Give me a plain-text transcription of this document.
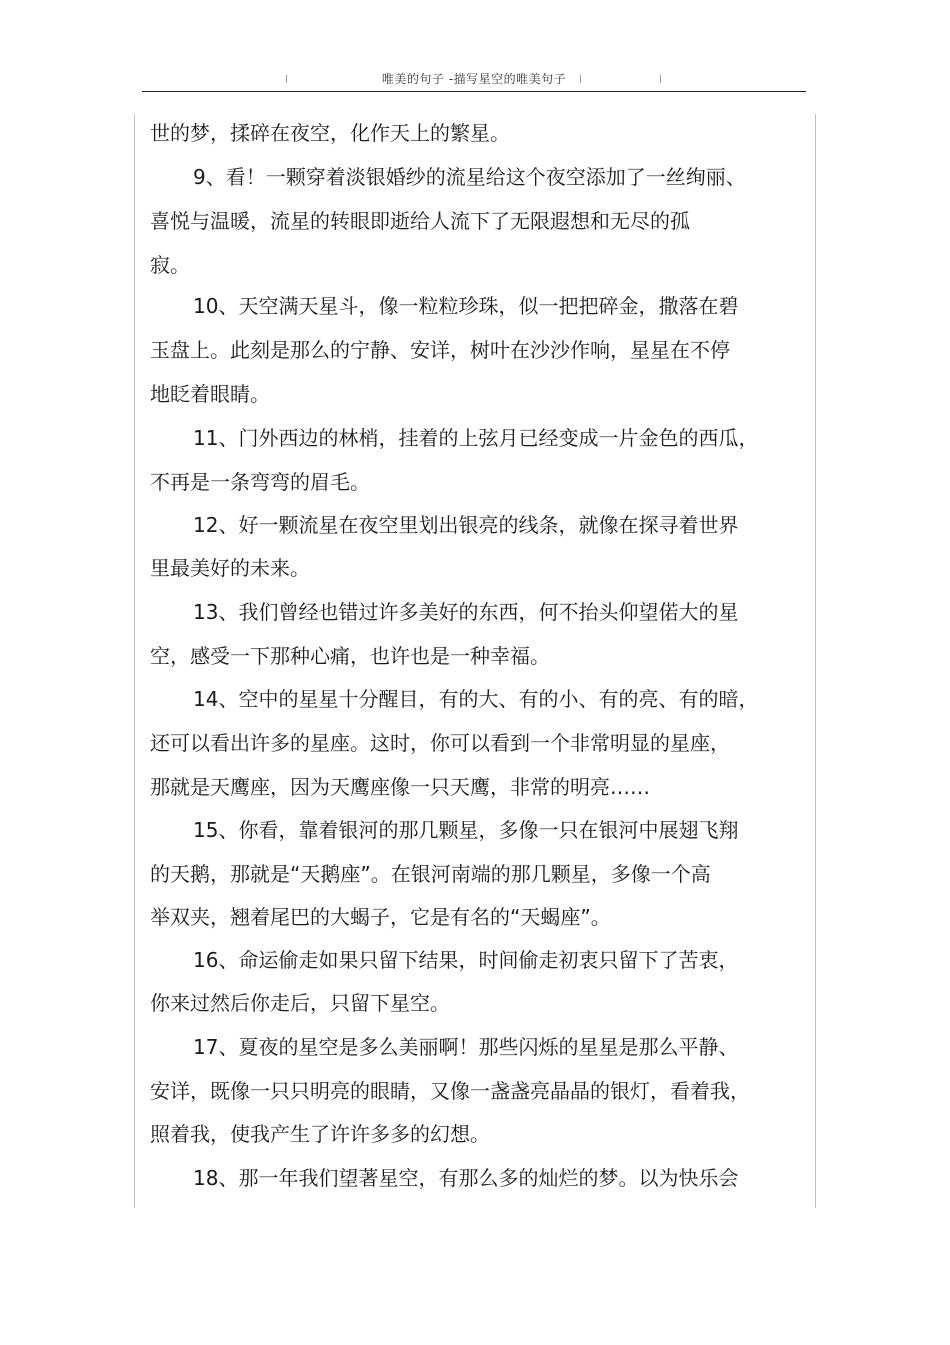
唯美的句子 -描写星空的唯美句子
世的梦，揉碎在夜空，化作天上的繁星。
9、看！一颗穿着淡银婚纱的流星给这个夜空添加了一丝绚丽、
喜悦与温暖，流星的转眼即逝给人流下了无限遐想和无尽的孤
寂。
10、天空满天星斗，像一粒粒珍珠，似一把把碎金，撒落在碧
玉盘上。此刻是那么的宁静、安详，树叶在沙沙作响，星星在不停
地眨着眼睛。
11、门外西边的林梢，挂着的上弦月已经变成一片金色的西瓜，
不再是一条弯弯的眉毛。
12、好一颗流星在夜空里划出银亮的线条，就像在探寻着世界
里最美好的未来。
13、我们曾经也错过许多美好的东西，何不抬头仰望偌大的星
空，感受一下那种心痛，也许也是一种幸福。
14、空中的星星十分醒目，有的大、有的小、有的亮、有的暗，
还可以看出许多的星座。这时，你可以看到一个非常明显的星座，
那就是天鹰座，因为天鹰座像一只天鹰，非常的明亮……
15、你看，靠着银河的那几颗星，多像一只在银河中展翅飞翔
的天鹅，那就是“天鹅座”。在银河南端的那几颗星，多像一个高
举双夹，翘着尾巴的大蝎子，它是有名的“天蝎座”。
16、命运偷走如果只留下结果，时间偷走初衷只留下了苦衷，
你来过然后你走后，只留下星空。
17、夏夜的星空是多么美丽啊！那些闪烁的星星是那么平静、
安详，既像一只只明亮的眼睛，又像一盏盏亮晶晶的银灯，看着我，
照着我，使我产生了许许多多的幻想。
18、那一年我们望著星空，有那么多的灿烂的梦。以为快乐会
